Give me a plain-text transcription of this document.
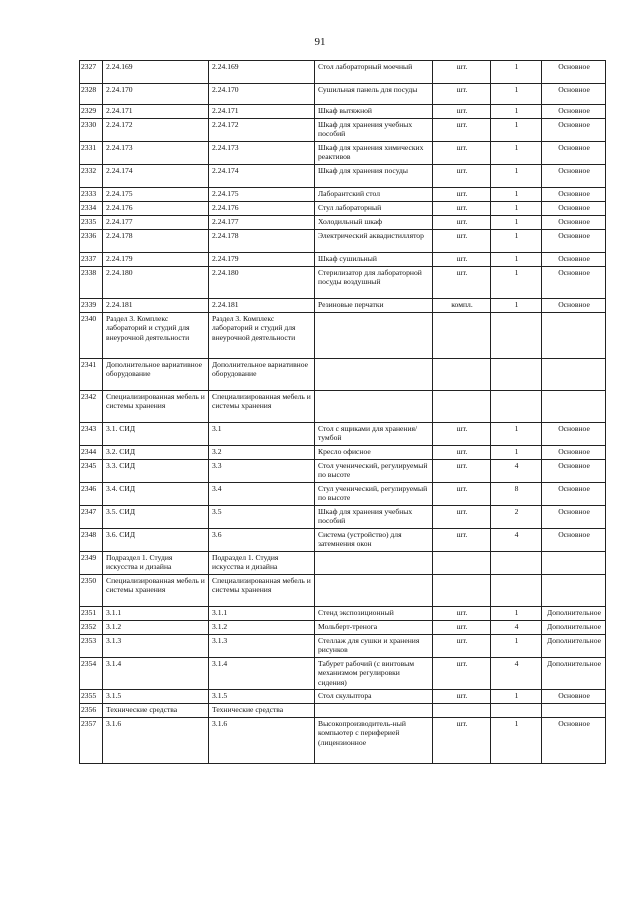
91
2327	2.24.169	2.24.169	Стол лабораторный моечный	шт.	1	Основное
2328	2.24.170	2.24.170	Сушильная панель для посуды	шт.	1	Основное
2329	2.24.171	2.24.171	Шкаф вытяжной	шт.	1	Основное
2330	2.24.172	2.24.172	Шкаф для хранения учебных пособий	шт.	1	Основное
2331	2.24.173	2.24.173	Шкаф для хранения химических реактивов	шт.	1	Основное
2332	2.24.174	2.24.174	Шкаф для хранения посуды	шт.	1	Основное
2333	2.24.175	2.24.175	Лаборантский стол	шт.	1	Основное
2334	2.24.176	2.24.176	Стул лабораторный	шт.	1	Основное
2335	2.24.177	2.24.177	Холодильный шкаф	шт.	1	Основное
2336	2.24.178	2.24.178	Электрический аквадистиллятор	шт.	1	Основное
2337	2.24.179	2.24.179	Шкаф сушильный	шт.	1	Основное
2338	2.24.180	2.24.180	Стерилизатор для лабораторной посуды воздушный	шт.	1	Основное
2339	2.24.181	2.24.181	Резиновые перчатки	компл.	1	Основное
2340	Раздел 3. Комплекс лабораторий и студий для внеурочной деятельности	Раздел 3. Комплекс лабораторий и студий для внеурочной деятельности				
2341	Дополнительное вариативное оборудование	Дополнительное вариативное оборудование				
2342	Специализированная мебель и системы хранения	Специализированная мебель и системы хранения				
2343	3.1. СИД	3.1	Стол с ящиками для хранения/тумбой	шт.	1	Основное
2344	3.2. СИД	3.2	Кресло офисное	шт.	1	Основное
2345	3.3. СИД	3.3	Стол ученический, регулируемый по высоте	шт.	4	Основное
2346	3.4. СИД	3.4	Стул ученический, регулируемый по высоте	шт.	8	Основное
2347	3.5. СИД	3.5	Шкаф для хранения учебных пособий	шт.	2	Основное
2348	3.6. СИД	3.6	Система (устройство) для затемнения окон	шт.	4	Основное
2349	Подраздел 1. Студия искусства и дизайна	Подраздел 1. Студия искусства и дизайна				
2350	Специализированная мебель и системы хранения	Специализированная мебель и системы хранения				
2351	3.1.1	3.1.1	Стенд экспозиционный	шт.	1	Дополнительное
2352	3.1.2	3.1.2	Мольберт-тренога	шт.	4	Дополнительное
2353	3.1.3	3.1.3	Стеллаж для сушки и хранения рисунков	шт.	1	Дополнительное
2354	3.1.4	3.1.4	Табурет рабочий (с винтовым механизмом регулировки сидения)	шт.	4	Дополнительное
2355	3.1.5	3.1.5	Стол скульптора	шт.	1	Основное
2356	Технические средства	Технические средства				
2357	3.1.6	3.1.6	Высокопроизводитель-ный компьютер с периферией (лицензионное	шт.	1	Основное
